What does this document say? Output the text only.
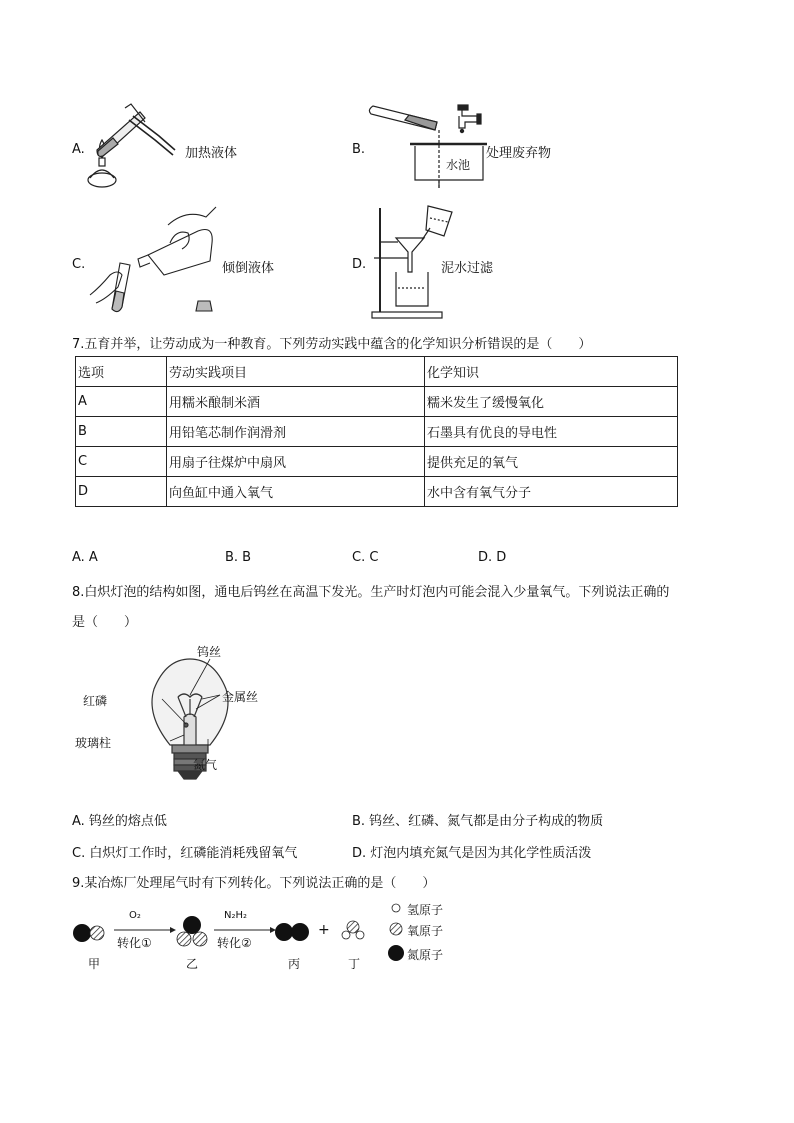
A.	加热液体	B.
水池
处理废弃物
C.	倾倒液体	D.	泥水过滤
7.五育并举，让劳动成为一种教育。下列劳动实践中蕴含的化学知识分析错误的是（　　）
选项	劳动实践项目	化学知识
A	用糯米酿制米酒	糯米发生了缓慢氧化
B	用铅笔芯制作润滑剂	石墨具有优良的导电性
C	用扇子往煤炉中扇风	提供充足的氧气
D	向鱼缸中通入氧气	水中含有氧气分子
A. A	B. B	C. C	D. D
8.白炽灯泡的结构如图，通电后钨丝在高温下发光。生产时灯泡内可能会混入少量氧气。下列说法正确的
是（　　）
钨丝
红磷	金属丝
玻璃柱
氮气
A. 钨丝的熔点低	B. 钨丝、红磷、氮气都是由分子构成的物质
C. 白炽灯工作时，红磷能消耗残留氧气	D. 灯泡内填充氮气是因为其化学性质活泼
9.某冶炼厂处理尾气时有下列转化。下列说法正确的是（　　）
O₂
转化①
N₂H₂
转化②
+
甲	乙	丙	丁
氢原子
氧原子
氮原子
